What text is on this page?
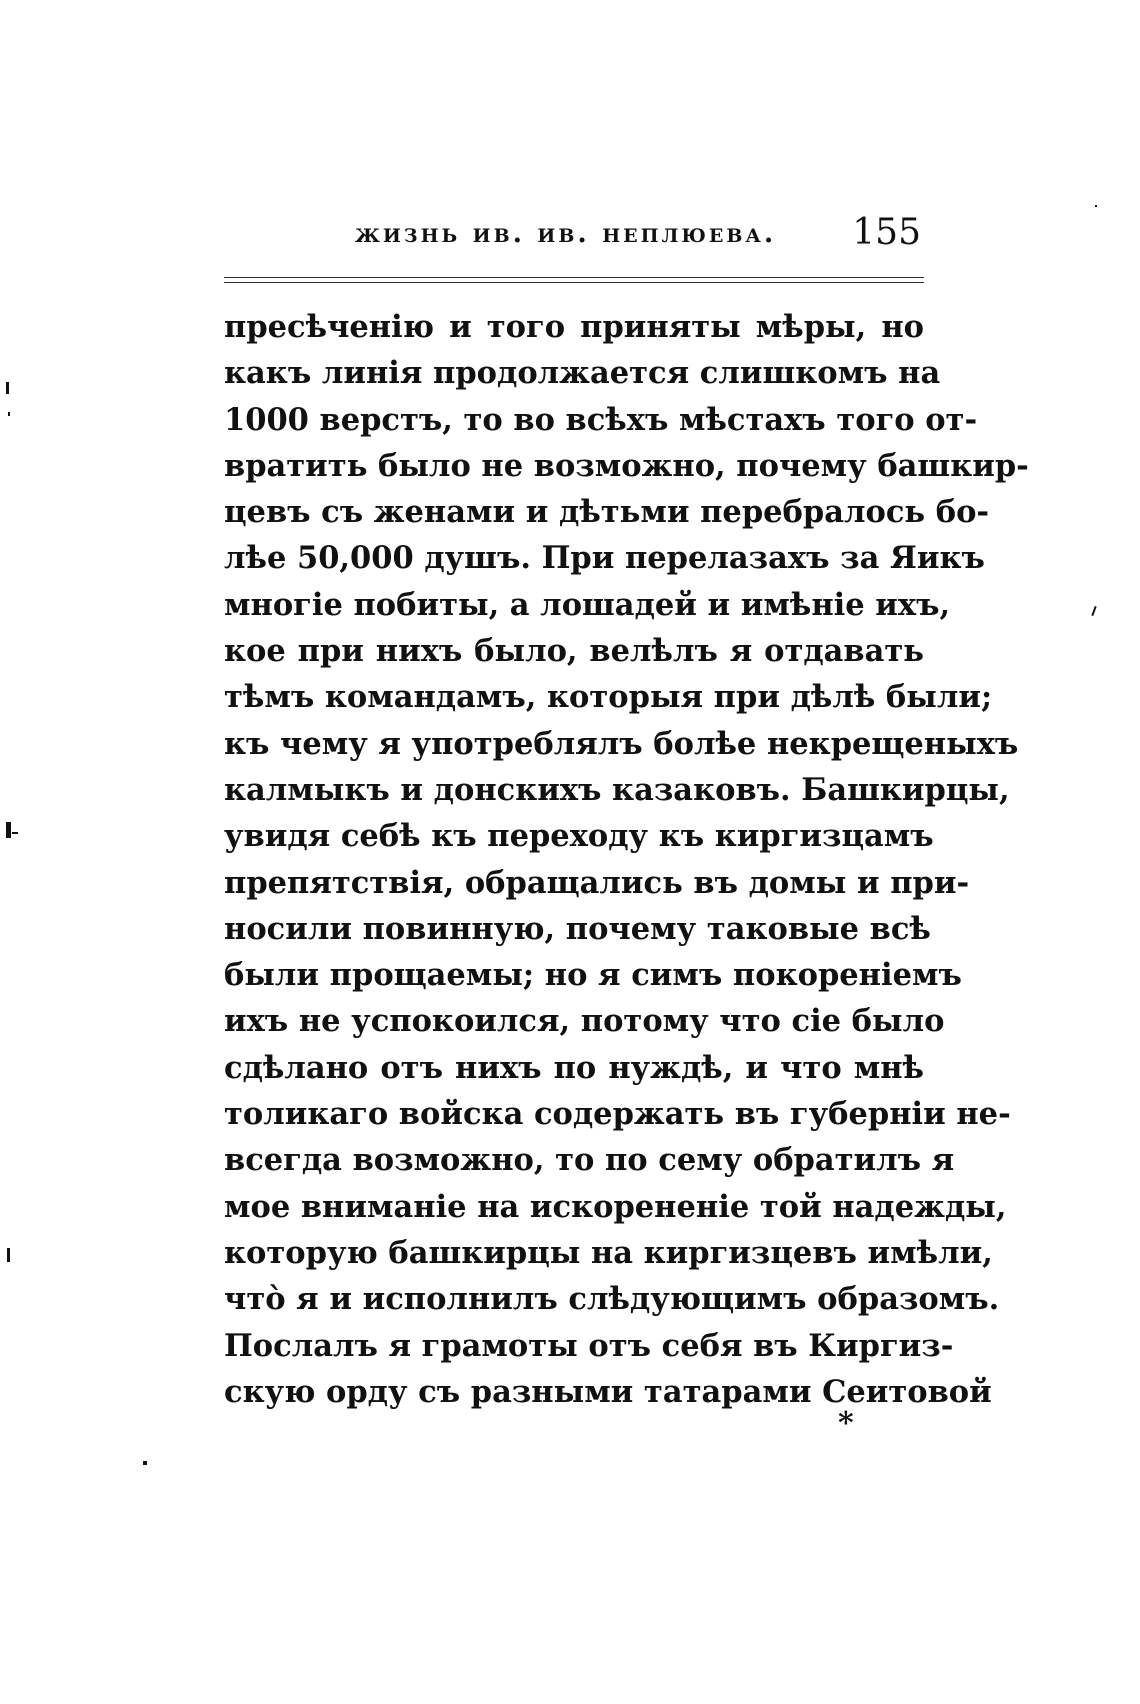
жизнь ив. ив. неплюева. 155
пресѣченію и того приняты мѣры, но
какъ линія продолжается слишкомъ на
1000 верстъ, то во всѣхъ мѣстахъ того от-
вратить было не возможно, почему башкир-
цевъ съ женами и дѣтьми перебралось бо-
лѣе 50,000 душъ. При перелазахъ за Яикъ
многіе побиты, а лошадей и имѣніе ихъ,
кое при нихъ было, велѣлъ я отдавать
тѣмъ командамъ, которыя при дѣлѣ были;
къ чему я употреблялъ болѣе некрещеныхъ
калмыкъ и донскихъ казаковъ. Башкирцы,
увидя себѣ къ переходу къ киргизцамъ
препятствія, обращались въ домы и при-
носили повинную, почему таковые всѣ
были прощаемы; но я симъ покореніемъ
ихъ не успокоился, потому что сіе было
сдѣлано отъ нихъ по нуждѣ, и что мнѣ
толикаго войска содержать въ губерніи не-
всегда возможно, то по сему обратилъ я
мое вниманіе на искорененіе той надежды,
которую башкирцы на киргизцевъ имѣли,
что̀ я и исполнилъ слѣдующимъ образомъ.
Послалъ я грамоты отъ себя въ Киргиз-
скую орду съ разными татарами Сеитовой
*
